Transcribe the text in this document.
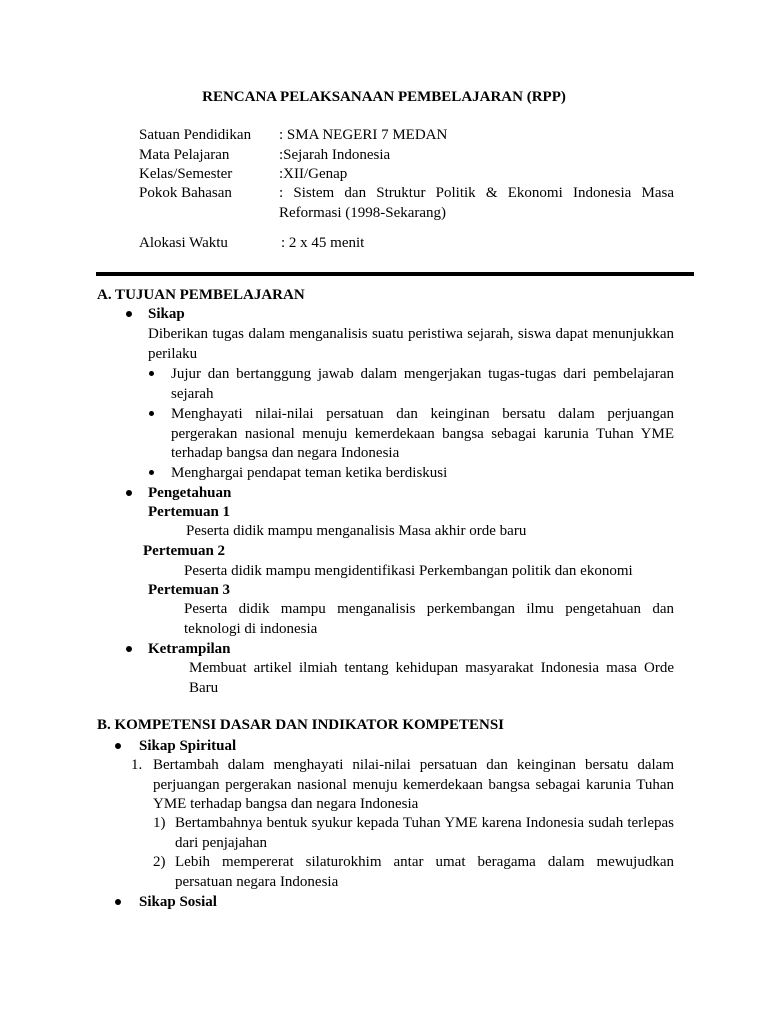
RENCANA PELAKSANAAN PEMBELAJARAN (RPP)
Satuan Pendidikan : SMA NEGERI 7 MEDAN
Mata Pelajaran	:Sejarah Indonesia
Kelas/Semester	:XII/Genap
Pokok Bahasan	: Sistem dan Struktur Politik & Ekonomi Indonesia Masa Reformasi (1998-Sekarang)
Alokasi Waktu	: 2 x 45 menit
A. TUJUAN PEMBELAJARAN
Sikap
Diberikan tugas dalam menganalisis suatu peristiwa sejarah, siswa dapat menunjukkan perilaku
Jujur dan bertanggung jawab dalam mengerjakan tugas-tugas dari pembelajaran sejarah
Menghayati nilai-nilai persatuan dan keinginan bersatu dalam perjuangan pergerakan nasional menuju kemerdekaan bangsa sebagai karunia Tuhan YME terhadap bangsa dan negara Indonesia
Menghargai pendapat teman ketika berdiskusi
Pengetahuan
Pertemuan 1
Peserta didik mampu menganalisis Masa akhir orde baru
Pertemuan 2
Peserta didik mampu mengidentifikasi Perkembangan politik dan ekonomi
Pertemuan 3
Peserta didik mampu menganalisis perkembangan ilmu pengetahuan dan teknologi di indonesia
Ketrampilan
Membuat artikel ilmiah tentang kehidupan masyarakat Indonesia masa Orde Baru
B. KOMPETENSI DASAR DAN INDIKATOR KOMPETENSI
Sikap Spiritual
1. Bertambah dalam menghayati nilai-nilai persatuan dan keinginan bersatu dalam perjuangan pergerakan nasional menuju kemerdekaan bangsa sebagai karunia Tuhan YME terhadap bangsa dan negara Indonesia
1) Bertambahnya bentuk syukur kepada Tuhan YME karena Indonesia sudah terlepas dari penjajahan
2) Lebih mempererat silaturokhim antar umat beragama dalam mewujudkan persatuan negara Indonesia
Sikap Sosial
